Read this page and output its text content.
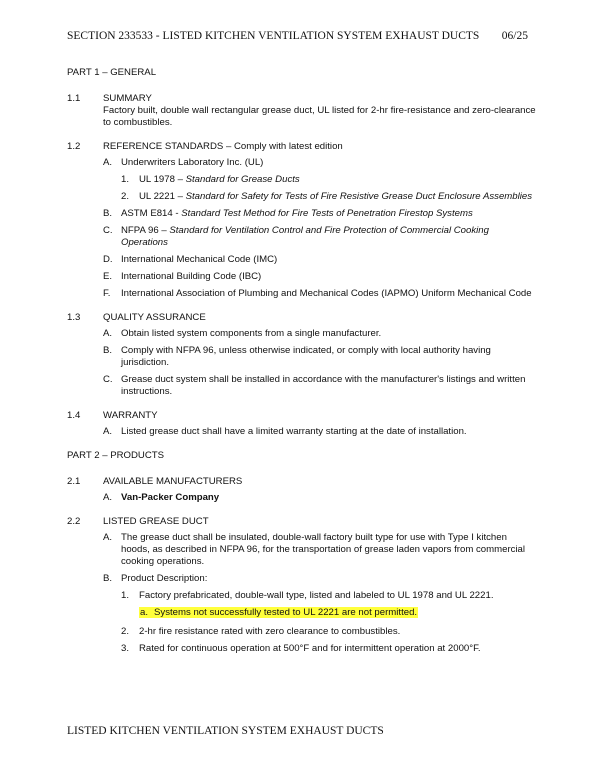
SECTION 233533 - LISTED KITCHEN VENTILATION SYSTEM EXHAUST DUCTS 06/25
PART 1 – GENERAL
1.1	SUMMARY
Factory built, double wall rectangular grease duct, UL listed for 2-hr fire-resistance and zero-clearance to combustibles.
1.2	REFERENCE STANDARDS – Comply with latest edition
A. Underwriters Laboratory Inc. (UL)
1.	UL 1978 – Standard for Grease Ducts
2.	UL 2221 – Standard for Safety for Tests of Fire Resistive Grease Duct Enclosure Assemblies
B. ASTM E814 - Standard Test Method for Fire Tests of Penetration Firestop Systems
C. NFPA 96 – Standard for Ventilation Control and Fire Protection of Commercial Cooking Operations
D. International Mechanical Code (IMC)
E. International Building Code (IBC)
F.	International Association of Plumbing and Mechanical Codes (IAPMO) Uniform Mechanical Code
1.3	QUALITY ASSURANCE
A. Obtain listed system components from a single manufacturer.
B. Comply with NFPA 96, unless otherwise indicated, or comply with local authority having jurisdiction.
C. Grease duct system shall be installed in accordance with the manufacturer's listings and written instructions.
1.4	WARRANTY
A. Listed grease duct shall have a limited warranty starting at the date of installation.
PART 2 – PRODUCTS
2.1	AVAILABLE MANUFACTURERS
A. Van-Packer Company
2.2	LISTED GREASE DUCT
A. The grease duct shall be insulated, double-wall factory built type for use with Type I kitchen hoods, as described in NFPA 96, for the transportation of grease laden vapors from commercial cooking operations.
B. Product Description:
1.	Factory prefabricated, double-wall type, listed and labeled to UL 1978 and UL 2221.
a. Systems not successfully tested to UL 2221 are not permitted.
2.	2-hr fire resistance rated with zero clearance to combustibles.
3.	Rated for continuous operation at 500°F and for intermittent operation at 2000°F.
LISTED KITCHEN VENTILATION SYSTEM EXHAUST DUCTS
